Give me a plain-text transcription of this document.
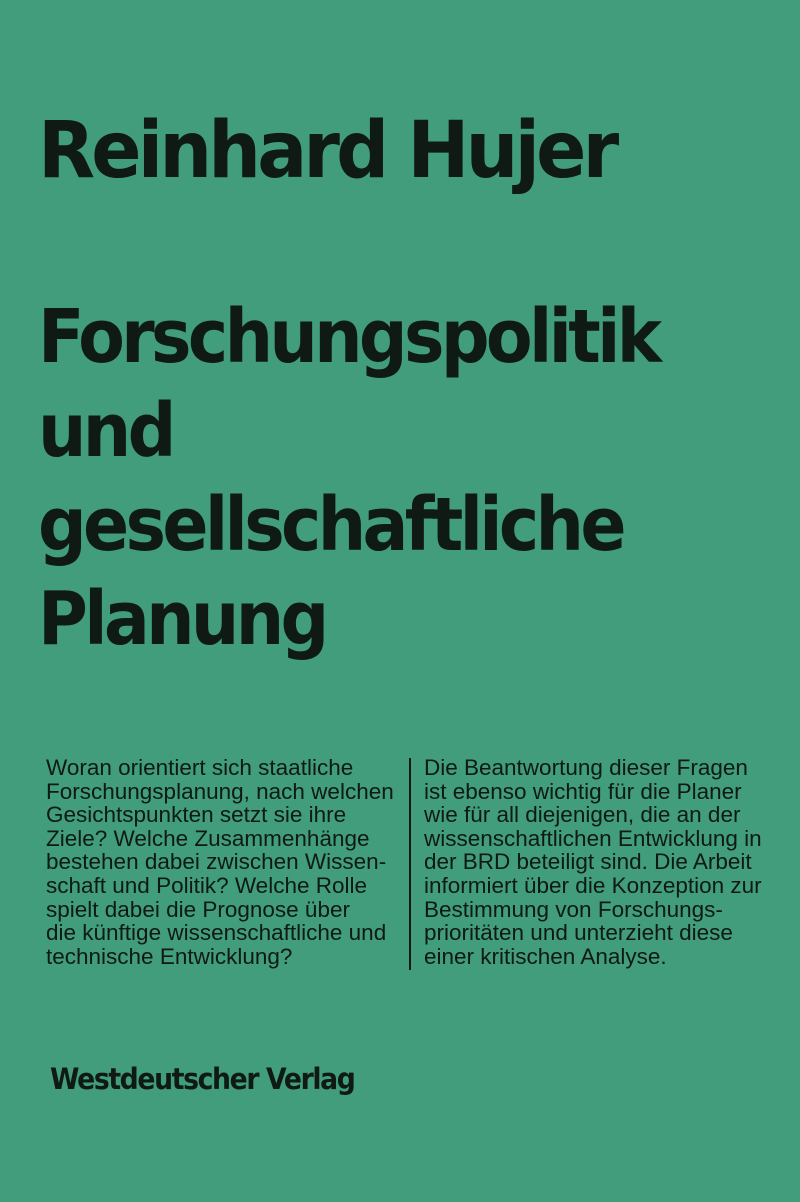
Reinhard Hujer
Forschungspolitik
und
gesellschaftliche
Planung

Woran orientiert sich staatliche
Forschungsplanung, nach welchen
Gesichtspunkten setzt sie ihre
Ziele? Welche Zusammenhänge
bestehen dabei zwischen Wissen-
schaft und Politik? Welche Rolle
spielt dabei die Prognose über
die künftige wissenschaftliche und
technische Entwicklung?

Die Beantwortung dieser Fragen
ist ebenso wichtig für die Planer
wie für all diejenigen, die an der
wissenschaftlichen Entwicklung in
der BRD beteiligt sind. Die Arbeit
informiert über die Konzeption zur
Bestimmung von Forschungs-
prioritäten und unterzieht diese
einer kritischen Analyse.

Westdeutscher Verlag
